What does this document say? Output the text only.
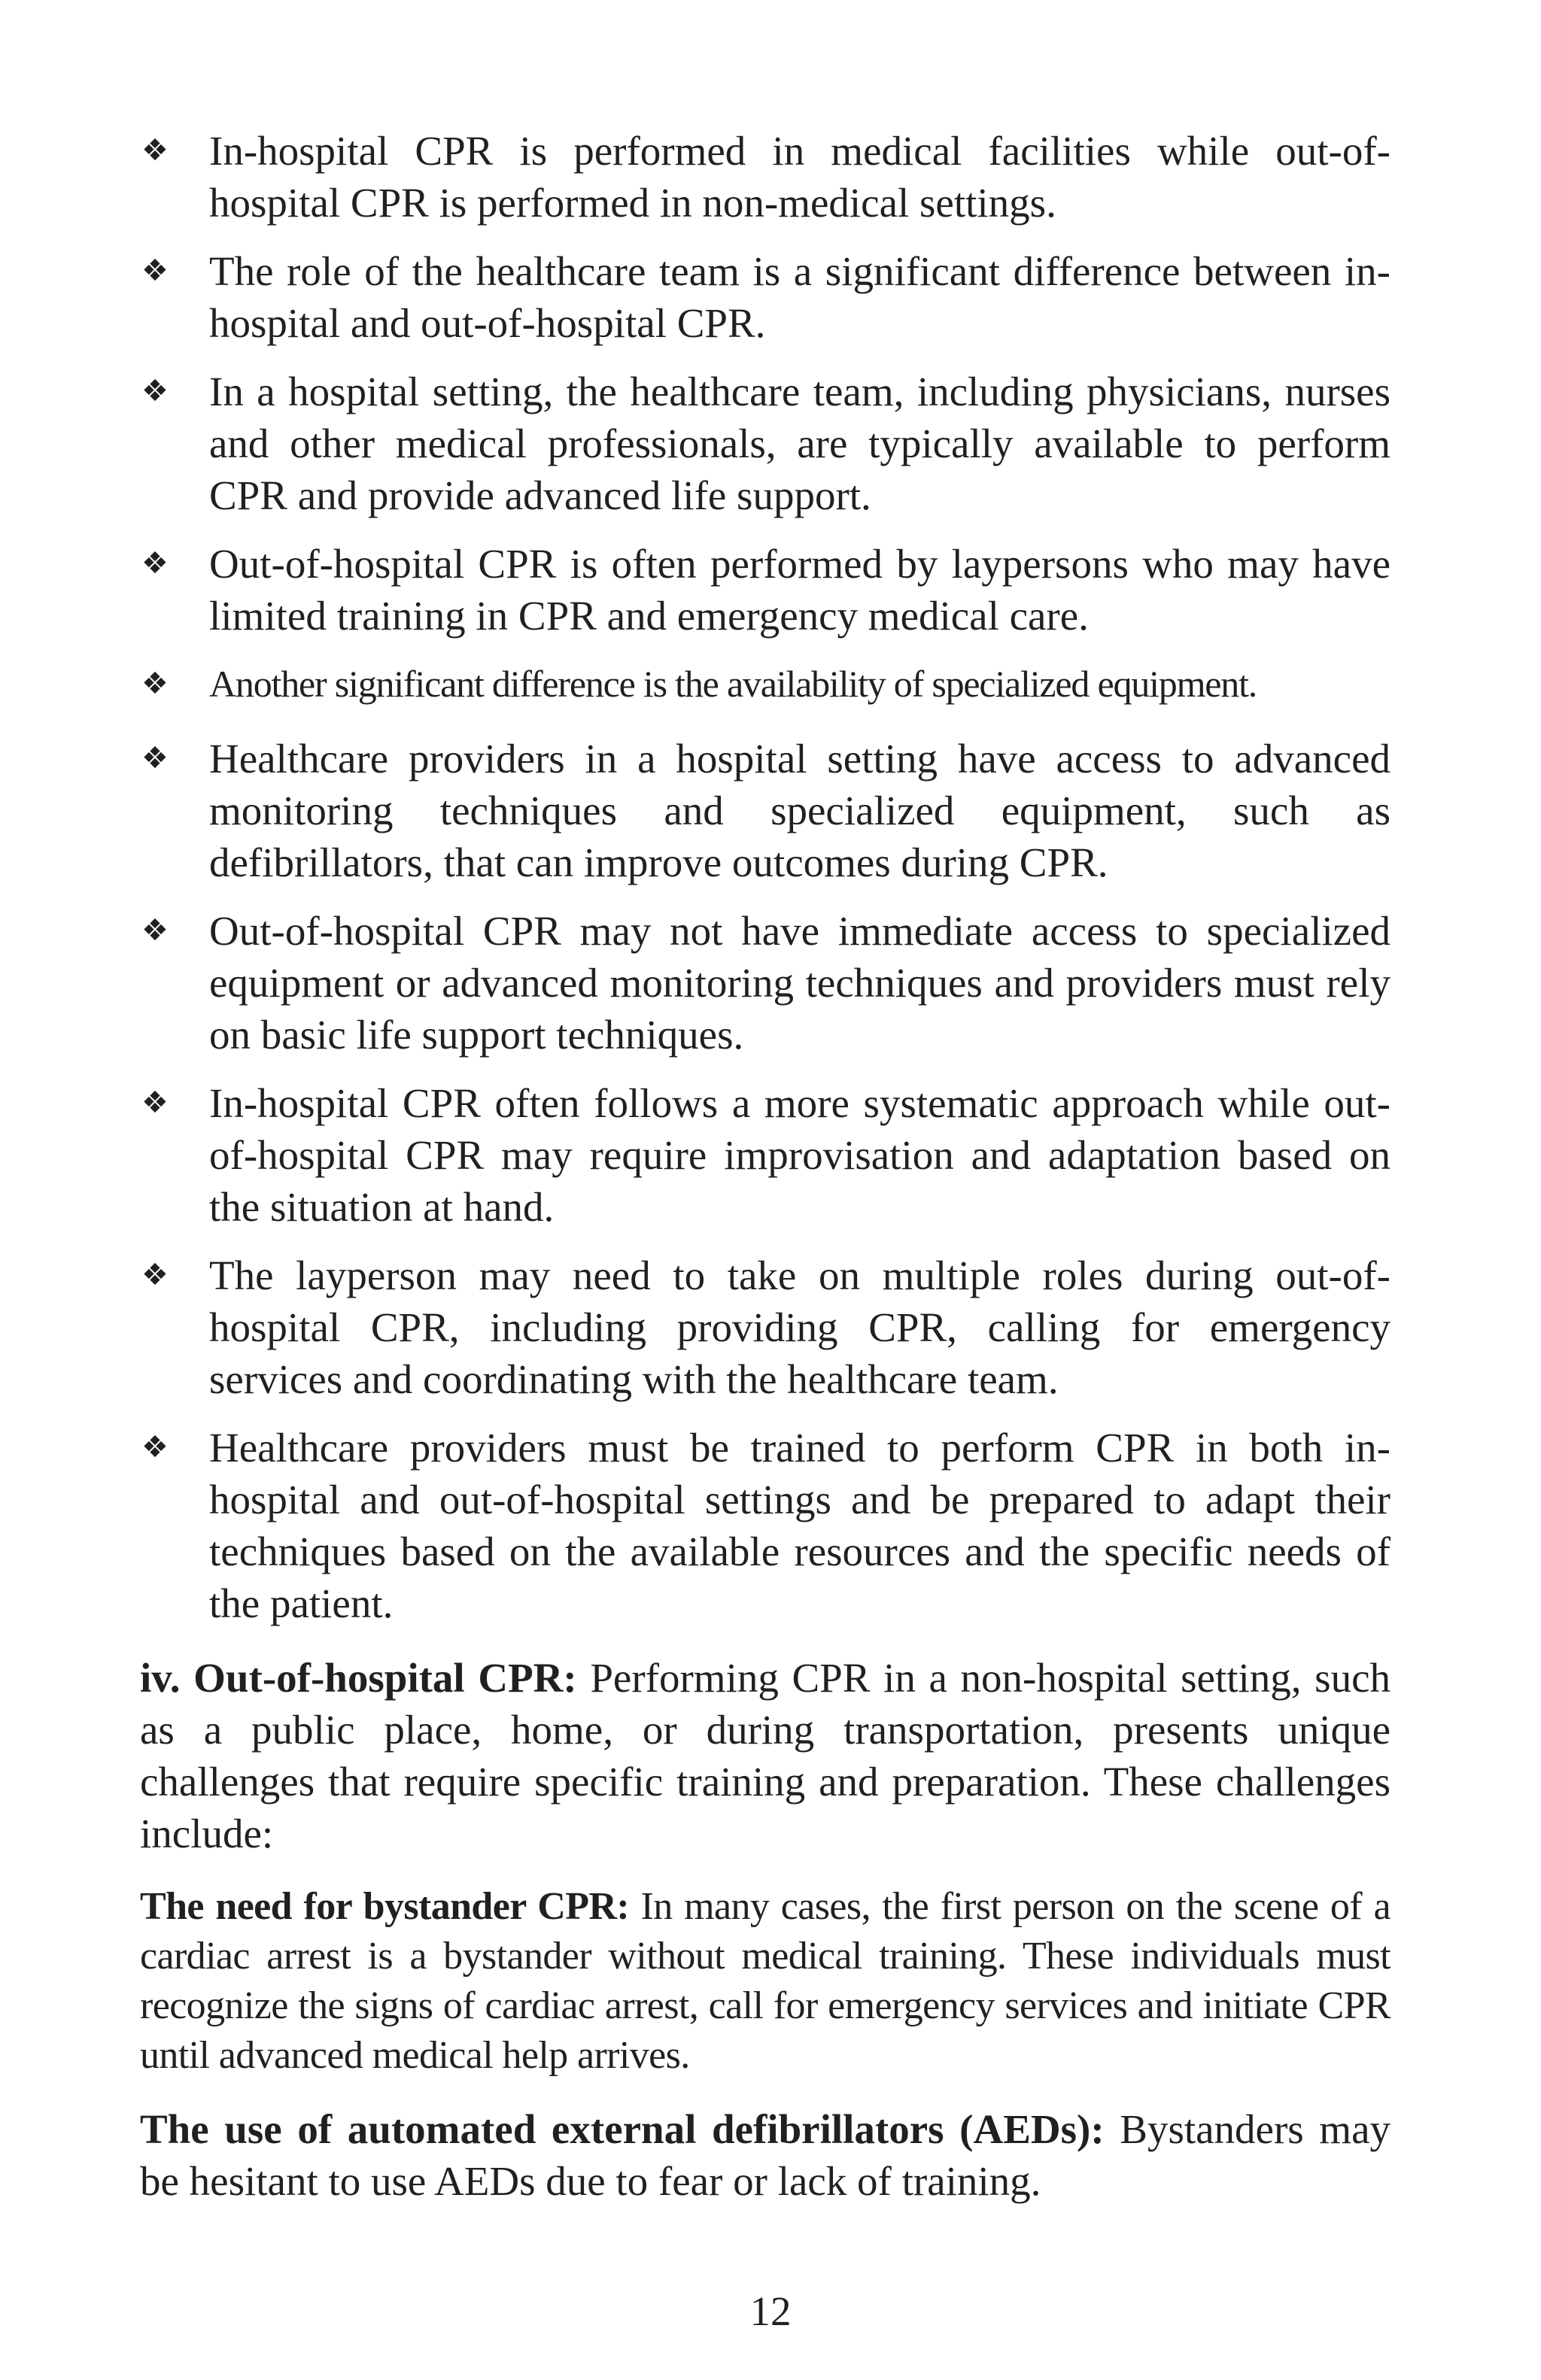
❖ In-hospital CPR is performed in medical facilities while out-of-hospital CPR is performed in non-medical settings.
❖ The role of the healthcare team is a significant difference between in-hospital and out-of-hospital CPR.
❖ In a hospital setting, the healthcare team, including physicians, nurses and other medical professionals, are typically available to perform CPR and provide advanced life support.
❖ Out-of-hospital CPR is often performed by laypersons who may have limited training in CPR and emergency medical care.
❖ Another significant difference is the availability of specialized equipment.
❖ Healthcare providers in a hospital setting have access to advanced monitoring techniques and specialized equipment, such as defibrillators, that can improve outcomes during CPR.
❖ Out-of-hospital CPR may not have immediate access to specialized equipment or advanced monitoring techniques and providers must rely on basic life support techniques.
❖ In-hospital CPR often follows a more systematic approach while out-of-hospital CPR may require improvisation and adaptation based on the situation at hand.
❖ The layperson may need to take on multiple roles during out-of-hospital CPR, including providing CPR, calling for emergency services and coordinating with the healthcare team.
❖ Healthcare providers must be trained to perform CPR in both in-hospital and out-of-hospital settings and be prepared to adapt their techniques based on the available resources and the specific needs of the patient.

iv. Out-of-hospital CPR: Performing CPR in a non-hospital setting, such as a public place, home, or during transportation, presents unique challenges that require specific training and preparation. These challenges include:

The need for bystander CPR: In many cases, the first person on the scene of a cardiac arrest is a bystander without medical training. These individuals must recognize the signs of cardiac arrest, call for emergency services and initiate CPR until advanced medical help arrives.

The use of automated external defibrillators (AEDs): Bystanders may be hesitant to use AEDs due to fear or lack of training.

12
